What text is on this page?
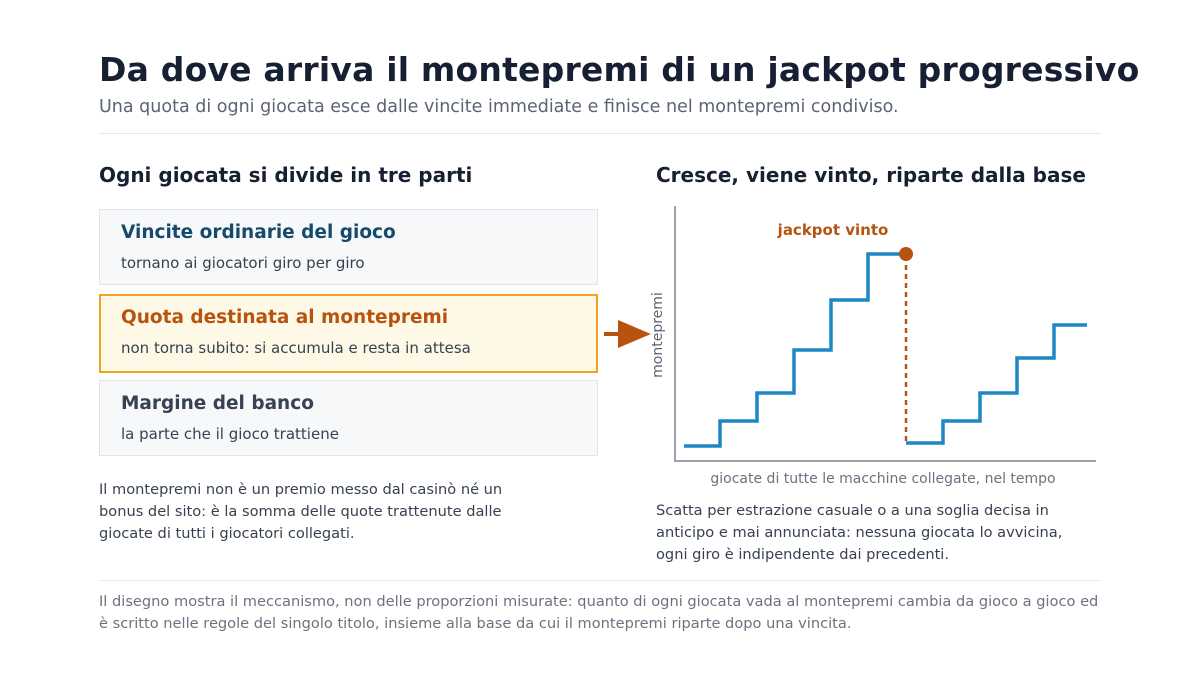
Da dove arriva il montepremi di un jackpot progressivo
Una quota di ogni giocata esce dalle vincite immediate e finisce nel montepremi condiviso.
Ogni giocata si divide in tre parti	Cresce, viene vinto, riparte dalla base
Vincite ordinarie del gioco
tornano ai giocatori giro per giro
Quota destinata al montepremi
non torna subito: si accumula e resta in attesa
Margine del banco
la parte che il gioco trattiene
Il montepremi non è un premio messo dal casinò né un bonus del sito: è la somma delle quote trattenute dalle giocate di tutti i giocatori collegati.
montepremi
giocate di tutte le macchine collegate, nel tempo
jackpot vinto
Scatta per estrazione casuale o a una soglia decisa in anticipo e mai annunciata: nessuna giocata lo avvicina, ogni giro è indipendente dai precedenti.
Il disegno mostra il meccanismo, non delle proporzioni misurate: quanto di ogni giocata vada al montepremi cambia da gioco a gioco ed è scritto nelle regole del singolo titolo, insieme alla base da cui il montepremi riparte dopo una vincita.
